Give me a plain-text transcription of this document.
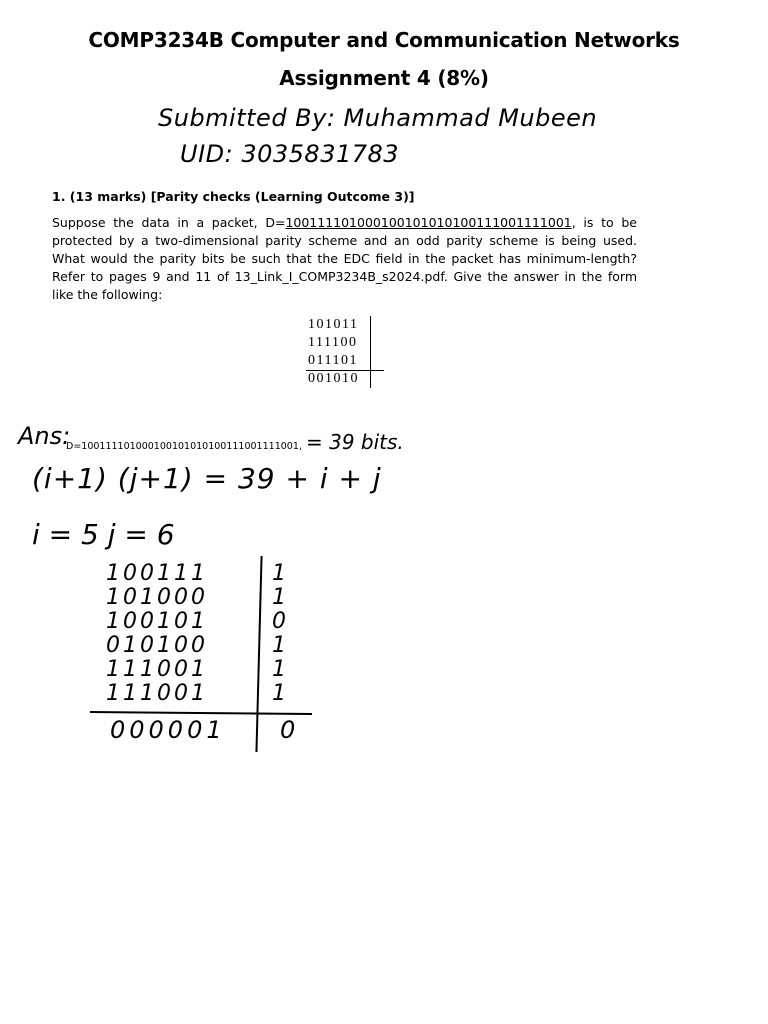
COMP3234B Computer and Communication Networks
Assignment 4 (8%)
Submitted By: Muhammad Mubeen
UID: 3035831783
1. (13 marks) [Parity checks (Learning Outcome 3)]
Suppose the data in a packet, D=100111101000100101010100111001111001, is to be protected by a two-dimensional parity scheme and an odd parity scheme is being used. What would the parity bits be such that the EDC field in the packet has minimum-length? Refer to pages 9 and 11 of 13_Link_I_COMP3234B_s2024.pdf. Give the answer in the form like the following:
101011
111100
011101
001010
Ans:
D=100111101000100101010100111001111001, = 39 bits.
(i+1) (j+1) = 39 + i + j
i = 5 j = 6
100111	1
101000	1
100101	0
010100	1
111001	1
111001	1
000001 0
